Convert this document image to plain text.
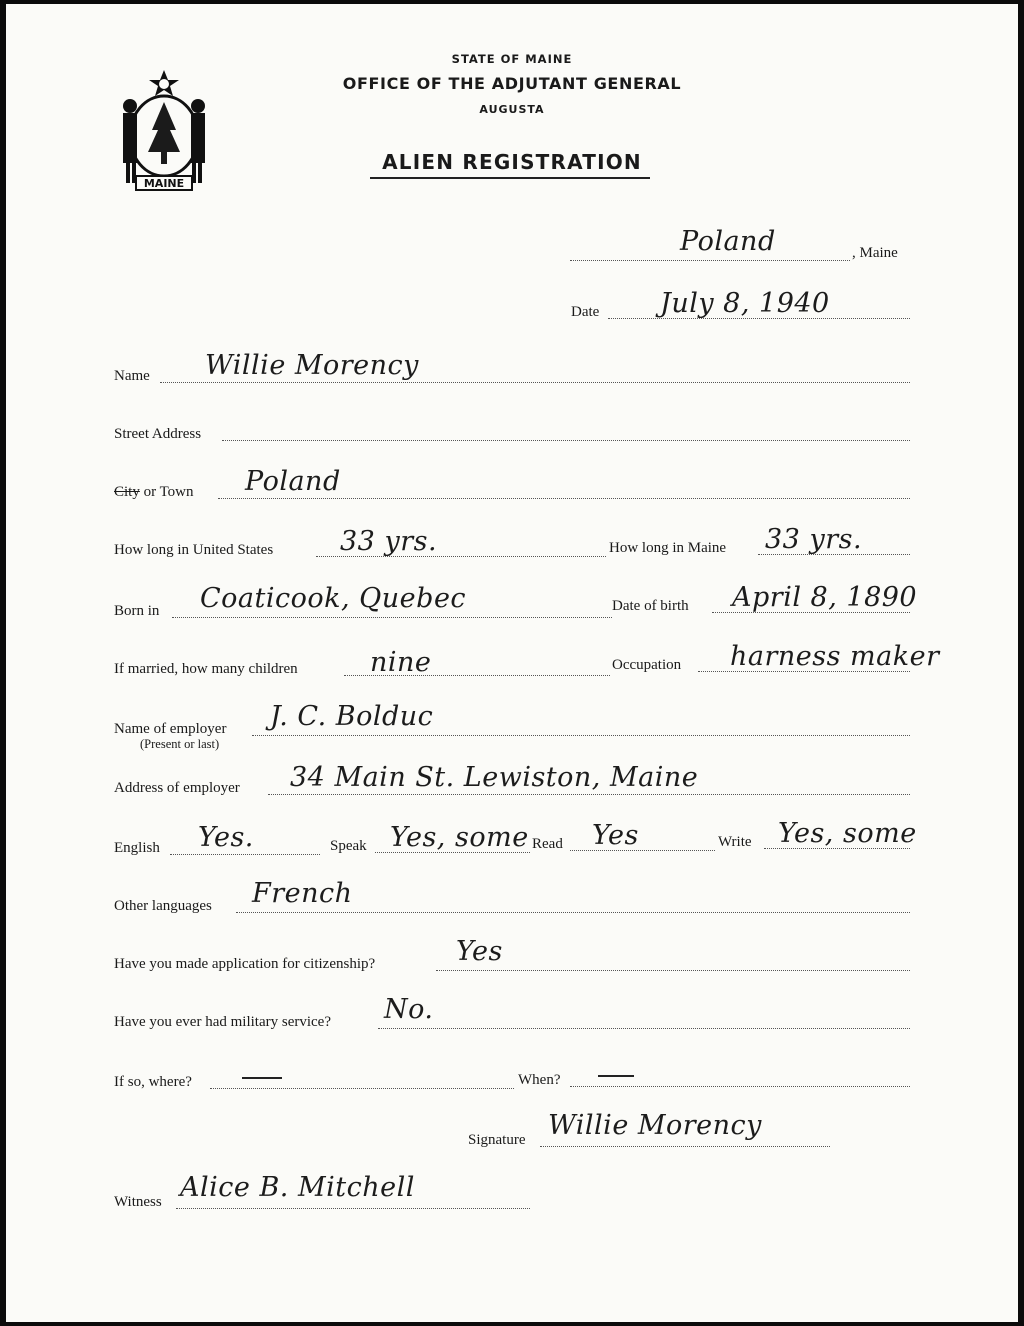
MAINE
STATE OF MAINE
OFFICE OF THE ADJUTANT GENERAL
AUGUSTA
ALIEN REGISTRATION
Poland	, Maine
Date July 8, 1940
Name Willie Morency
Street Address
City or Town Poland
How long in United States 33 yrs.	How long in Maine 33 yrs.
Born in Coaticook, Quebec	Date of birth April 8, 1890
If married, how many children	nine	Occupation harness maker
Name of employer
(Present or last)
J. C. Bolduc
Address of employer 34 Main St. Lewiston, Maine
English Yes.	Speak Yes, some Read Yes	Write Yes, some
Other languages French
Have you made application for citizenship?	Yes
Have you ever had military service? No.
If so, where?	When?
Signature Willie Morency
Witness Alice B. Mitchell
